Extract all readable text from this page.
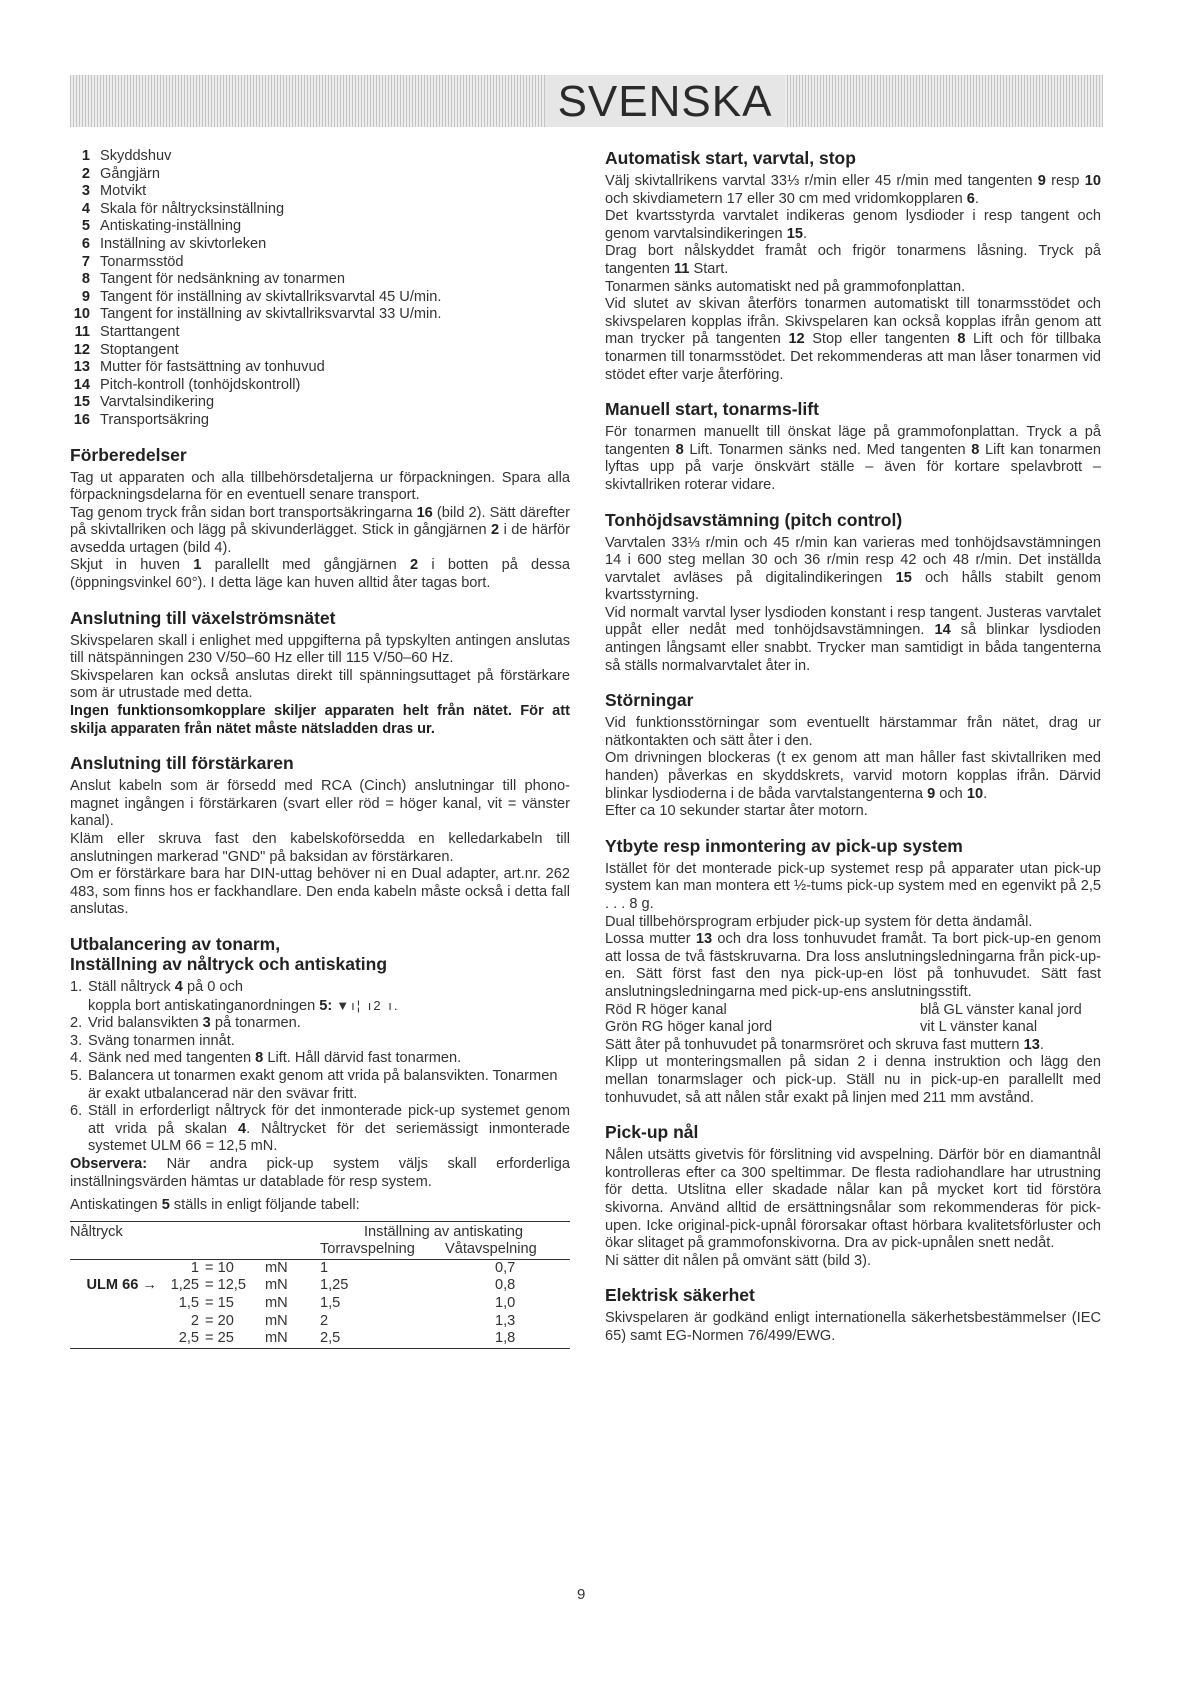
SVENSKA
1 Skyddshuv
2 Gångjärn
3 Motvikt
4 Skala för nåltrycksinställning
5 Antiskating-inställning
6 Inställning av skivtorleken
7 Tonarmsstöd
8 Tangent för nedsänkning av tonarmen
9 Tangent för inställning av skivtallriksvarvtal 45 U/min.
10 Tangent for inställning av skivtallriksvarvtal 33 U/min.
11 Starttangent
12 Stoptangent
13 Mutter för fastsättning av tonhuvud
14 Pitch-kontroll (tonhöjdskontroll)
15 Varvtalsindikering
16 Transportsäkring
Förberedelser

Tag ut apparaten och alla tillbehörsdetaljerna ur förpackningen. Spara alla förpackningsdelarna för en eventuell senare transport.

Tag genom tryck från sidan bort transportsäkringarna 16 (bild 2). Sätt därefter på skivtallriken och lägg på skivunderlägget. Stick in gångjärnen 2 i de härför avsedda urtagen (bild 4).

Skjut in huven 1 parallellt med gångjärnen 2 i botten på dessa (öppningsvinkel 60°). I detta läge kan huven alltid åter tagas bort.

Anslutning till växelströmsnätet

Skivspelaren skall i enlighet med uppgifterna på typskylten antingen anslutas till nätspänningen 230 V/50–60 Hz eller till 115 V/50–60 Hz.

Skivspelaren kan också anslutas direkt till spänningsuttaget på förstärkare som är utrustade med detta.

Ingen funktionsomkopplare skiljer apparaten helt från nätet. För att skilja apparaten från nätet måste nätsladden dras ur.

Anslutning till förstärkaren

Anslut kabeln som är försedd med RCA (Cinch) anslutningar till phono-magnet ingången i förstärkaren (svart eller röd = höger kanal, vit = vänster kanal).

Kläm eller skruva fast den kabelskoförsedda en kelledarkabeln till anslutningen markerad "GND" på baksidan av förstärkaren.

Om er förstärkare bara har DIN-uttag behöver ni en Dual adapter, art.nr. 262 483, som finns hos er fackhandlare. Den enda kabeln måste också i detta fall anslutas.

Utbalancering av tonarm,
Inställning av nåltryck och antiskating
1. Ställ nåltryck 4 på 0 och
koppla bort antiskatinganordningen 5: ▼ı¦ ı2 ı.
2. Vrid balansvikten 3 på tonarmen.
3. Sväng tonarmen innåt.
4. Sänk ned med tangenten 8 Lift. Håll därvid fast tonarmen.
5. Balancera ut tonarmen exakt genom att vrida på balansvikten. Tonarmen är exakt utbalancerad när den svävar fritt.
6. Ställ in erforderligt nåltryck för det inmonterade pick-up systemet genom att vrida på skalan 4. Nåltrycket för det seriemässigt inmonterade systemet ULM 66 = 12,5 mN.

Observera: När andra pick-up system väljs skall erforderliga inställningsvärden hämtas ur datablade för resp system.

Antiskatingen 5 ställs in enligt följande tabell:

Nåltryck				Inställning av antiskating	
				Torravspelning	Våtavspelning
	1	= 10	mN	1	0,7
ULM 66 →	1,25	= 12,5	mN	1,25	0,8
	1,5	= 15	mN	1,5	1,0
	2	= 20	mN	2	1,3
	2,5	= 25	mN	2,5	1,8
Automatisk start, varvtal, stop

Välj skivtallrikens varvtal 33⅓ r/min eller 45 r/min med tangenten 9 resp 10 och skivdiametern 17 eller 30 cm med vridomkopplaren 6.

Det kvartsstyrda varvtalet indikeras genom lysdioder i resp tangent och genom varvtalsindikeringen 15.

Drag bort nålskyddet framåt och frigör tonarmens låsning. Tryck på tangenten 11 Start.

Tonarmen sänks automatiskt ned på grammofonplattan.

Vid slutet av skivan återförs tonarmen automatiskt till tonarmsstödet och skivspelaren kopplas ifrån. Skivspelaren kan också kopplas ifrån genom att man trycker på tangenten 12 Stop eller tangenten 8 Lift och för tillbaka tonarmen till tonarmsstödet. Det rekommenderas att man låser tonarmen vid stödet efter varje återföring.

Manuell start, tonarms-lift

För tonarmen manuellt till önskat läge på grammofonplattan. Tryck a på tangenten 8 Lift. Tonarmen sänks ned. Med tangenten 8 Lift kan tonarmen lyftas upp på varje önskvärt ställe – även för kortare spelavbrott – skivtallriken roterar vidare.

Tonhöjdsavstämning (pitch control)

Varvtalen 33⅓ r/min och 45 r/min kan varieras med tonhöjdsavstämningen 14 i 600 steg mellan 30 och 36 r/min resp 42 och 48 r/min. Det inställda varvtalet avläses på digitalindikeringen 15 och hålls stabilt genom kvartsstyrning.

Vid normalt varvtal lyser lysdioden konstant i resp tangent. Justeras varvtalet uppåt eller nedåt med tonhöjdsavstämningen. 14 så blinkar lysdioden antingen långsamt eller snabbt. Trycker man samtidigt in båda tangenterna så ställs normalvarvtalet åter in.

Störningar

Vid funktionsstörningar som eventuellt härstammar från nätet, drag ur nätkontakten och sätt åter i den.

Om drivningen blockeras (t ex genom att man håller fast skivtallriken med handen) påverkas en skyddskrets, varvid motorn kopplas ifrån. Därvid blinkar lysdioderna i de båda varvtalstangenterna 9 och 10.

Efter ca 10 sekunder startar åter motorn.

Ytbyte resp inmontering av pick-up system

Istället för det monterade pick-up systemet resp på apparater utan pick-up system kan man montera ett ½-tums pick-up system med en egenvikt på 2,5 . . . 8 g.

Dual tillbehörsprogram erbjuder pick-up system för detta ändamål.

Lossa mutter 13 och dra loss tonhuvudet framåt. Ta bort pick-up-en genom att lossa de två fästskruvarna. Dra loss anslutningsledningarna från pick-up-en. Sätt först fast den nya pick-up-en löst på tonhuvudet. Sätt fast anslutningsledningarna med pick-up-ens anslutningsstift.

Röd R höger kanal	blå GL vänster kanal jord
Grön RG höger kanal jord	vit L vänster kanal

Sätt åter på tonhuvudet på tonarmsröret och skruva fast muttern 13.

Klipp ut monteringsmallen på sidan 2 i denna instruktion och lägg den mellan tonarmslager och pick-up. Ställ nu in pick-up-en parallellt med tonhuvudet, så att nålen står exakt på linjen med 211 mm avstånd.

Pick-up nål

Nålen utsätts givetvis för förslitning vid avspelning. Därför bör en diamantnål kontrolleras efter ca 300 speltimmar. De flesta radiohandlare har utrustning för detta. Utslitna eller skadade nålar kan på mycket kort tid förstöra skivorna. Använd alltid de ersättningsnålar som rekommenderas för pick-upen. Icke original-pick-upnål förorsakar oftast hörbara kvalitetsförluster och ökar slitaget på grammofonskivorna. Dra av pick-upnålen snett nedåt.

Ni sätter dit nålen på omvänt sätt (bild 3).

Elektrisk säkerhet

Skivspelaren är godkänd enligt internationella säkerhetsbestämmelser (IEC 65) samt EG-Normen 76/499/EWG.

9
